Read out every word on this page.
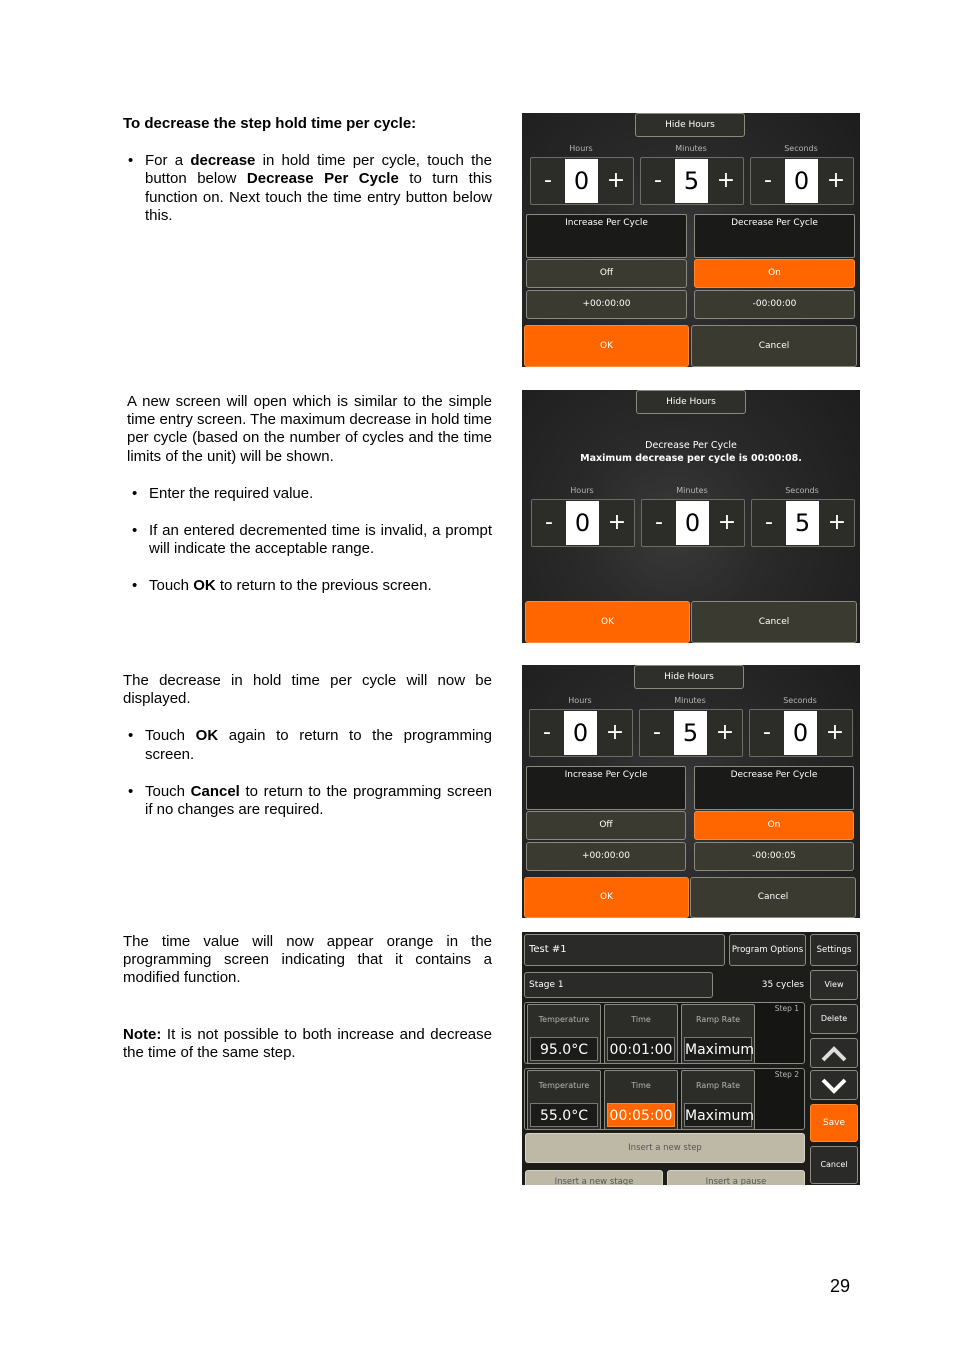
To decrease the step hold time per cycle:

• For a decrease in hold time per cycle, touch the button below Decrease Per Cycle to turn this function on. Next touch the time entry button below this.

Hide Hours
Hours	Minutes	Seconds
- 0 +	- 5 +	- 0 +
Increase Per Cycle	Decrease Per Cycle
Off	On
+00:00:00	-00:00:00
OK	Cancel

A new screen will open which is similar to the simple time entry screen. The maximum decrease in hold time per cycle (based on the number of cycles and the time limits of the unit) will be shown.

• Enter the required value.

• If an entered decremented time is invalid, a prompt will indicate the acceptable range.

• Touch OK to return to the previous screen.

Hide Hours
Decrease Per Cycle
Maximum decrease per cycle is 00:00:08.
Hours	Minutes	Seconds
- 0 +	- 0 +	- 5 +
OK	Cancel

The decrease in hold time per cycle will now be displayed.

• Touch OK again to return to the programming screen.

• Touch Cancel to return to the programming screen if no changes are required.

Hide Hours
Hours	Minutes	Seconds
- 0 +	- 5 +	- 0 +
Increase Per Cycle	Decrease Per Cycle
Off	On
+00:00:00	-00:00:05
OK	Cancel

The time value will now appear orange in the programming screen indicating that it contains a modified function.

Note: It is not possible to both increase and decrease the time of the same step.

Test #1	Program Options	Settings
Stage 1	35 cycles	View
Delete
Save
Cancel
Step 1
Temperature
95.0°C
Time
00:01:00
Ramp Rate
Maximum
Step 2
Temperature
55.0°C
Time
00:05:00
Ramp Rate
Maximum
Insert a new step
Insert a new stage	Insert a pause
29
